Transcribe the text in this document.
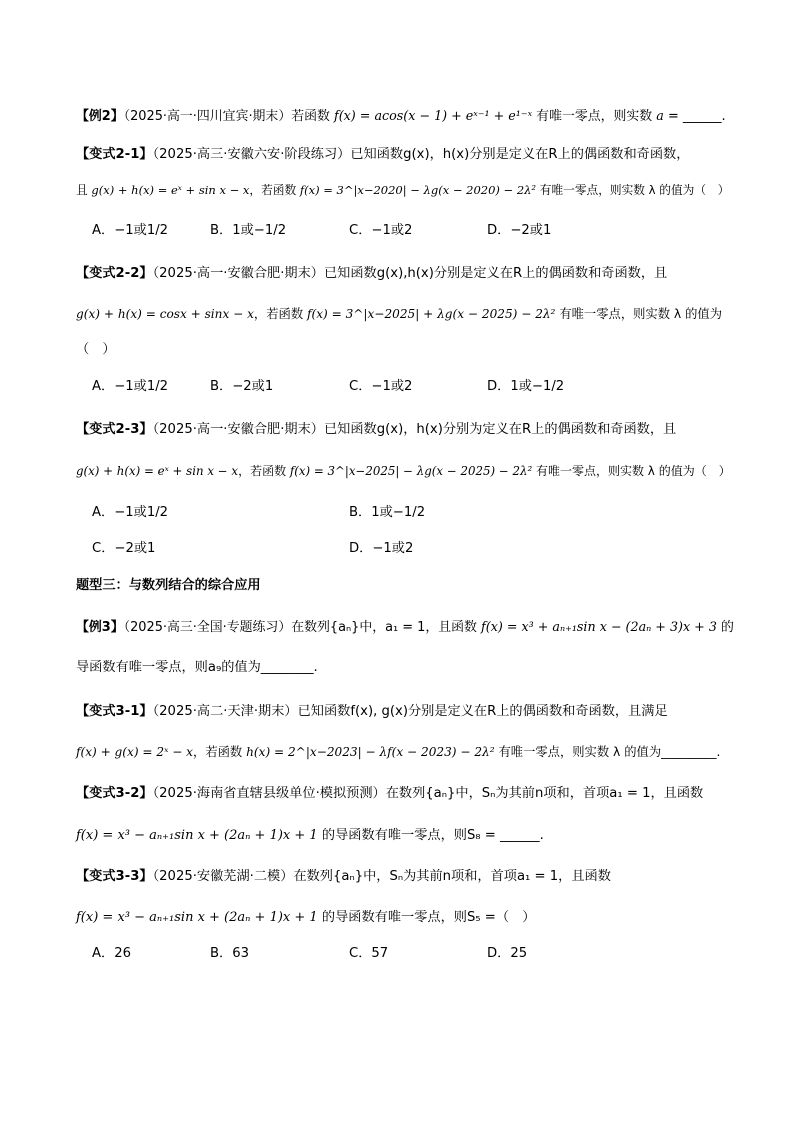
【例2】（2025·高一·四川宜宾·期末）若函数 f(x) = acos(x − 1) + eˣ⁻¹ + e¹⁻ˣ 有唯一零点，则实数 a = ______.
【变式2-1】（2025·高三·安徽六安·阶段练习）已知函数g(x)，h(x)分别是定义在R上的偶函数和奇函数，
且 g(x) + h(x) = eˣ + sin x − x，若函数 f(x) = 3^|x−2020| − λg(x − 2020) − 2λ² 有唯一零点，则实数 λ 的值为（　）
A．−1或1/2	B．1或−1/2	C．−1或2	D．−2或1
【变式2-2】（2025·高一·安徽合肥·期末）已知函数g(x),h(x)分别是定义在R上的偶函数和奇函数，且
g(x) + h(x) = cosx + sinx − x，若函数 f(x) = 3^|x−2025| + λg(x − 2025) − 2λ² 有唯一零点，则实数 λ 的值为
（　）
A．−1或1/2	B．−2或1	C．−1或2	D．1或−1/2
【变式2-3】（2025·高一·安徽合肥·期末）已知函数g(x)，h(x)分别为定义在R上的偶函数和奇函数，且
g(x) + h(x) = eˣ + sin x − x，若函数 f(x) = 3^|x−2025| − λg(x − 2025) − 2λ² 有唯一零点，则实数 λ 的值为（　）
A．−1或1/2	B．1或−1/2
C．−2或1	D．−1或2
题型三：与数列结合的综合应用
【例3】（2025·高三·全国·专题练习）在数列{aₙ}中，a₁ = 1，且函数 f(x) = x³ + aₙ₊₁sin x − (2aₙ + 3)x + 3 的
导函数有唯一零点，则a₉的值为________.
【变式3-1】（2025·高二·天津·期末）已知函数f(x), g(x)分别是定义在R上的偶函数和奇函数，且满足
f(x) + g(x) = 2ˣ − x，若函数 h(x) = 2^|x−2023| − λf(x − 2023) − 2λ² 有唯一零点，则实数 λ 的值为_________.
【变式3-2】（2025·海南省直辖县级单位·模拟预测）在数列{aₙ}中，Sₙ为其前n项和，首项a₁ = 1，且函数
f(x) = x³ − aₙ₊₁sin x + (2aₙ + 1)x + 1 的导函数有唯一零点，则S₈ = ______.
【变式3-3】（2025·安徽芜湖·二模）在数列{aₙ}中，Sₙ为其前n项和，首项a₁ = 1，且函数
f(x) = x³ − aₙ₊₁sin x + (2aₙ + 1)x + 1 的导函数有唯一零点，则S₅ =（　）
A．26	B．63	C．57	D．25
